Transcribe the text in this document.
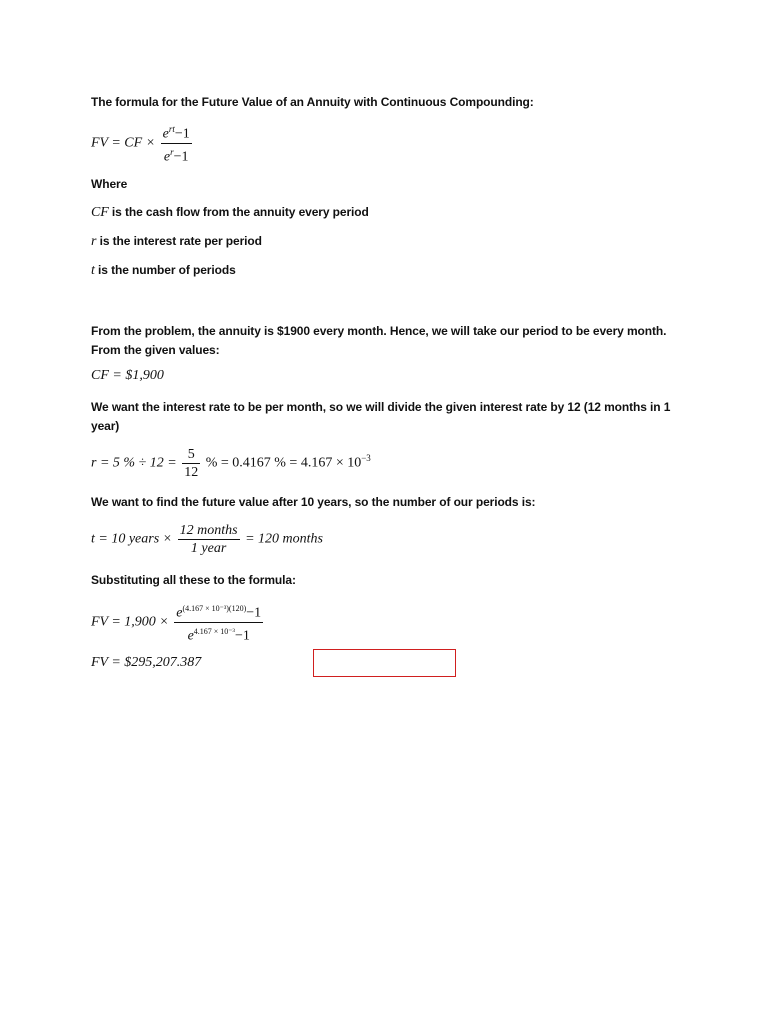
The formula for the Future Value of an Annuity with Continuous Compounding:
FV = CF × $\frac{e^{rt}-1}{e^r-1}$
Where
CF is the cash flow from the annuity every period
r is the interest rate per period
t is the number of periods
From the problem, the annuity is $1900 every month. Hence, we will take our period to be every month. From the given values:
CF = $1,900
We want the interest rate to be per month, so we will divide the given interest rate by 12 (12 months in 1 year)
r = 5 % ÷ $12 = \frac{5}{12}$ % = 0.4167 % = $4.167 \times 10^{-3}$
We want to find the future value after 10 years, so the number of our periods is:
t = 10 years × $\frac{\text{12 months}}{\text{1 year}} = 120$ months
Substituting all these to the formula:
FV = $1,900 \times \frac{e^{(4.167 \times 10^{-3})(120)}-1}{e^{4.167 \times 10^{-3}}-1}$
FV = $295,207.387
